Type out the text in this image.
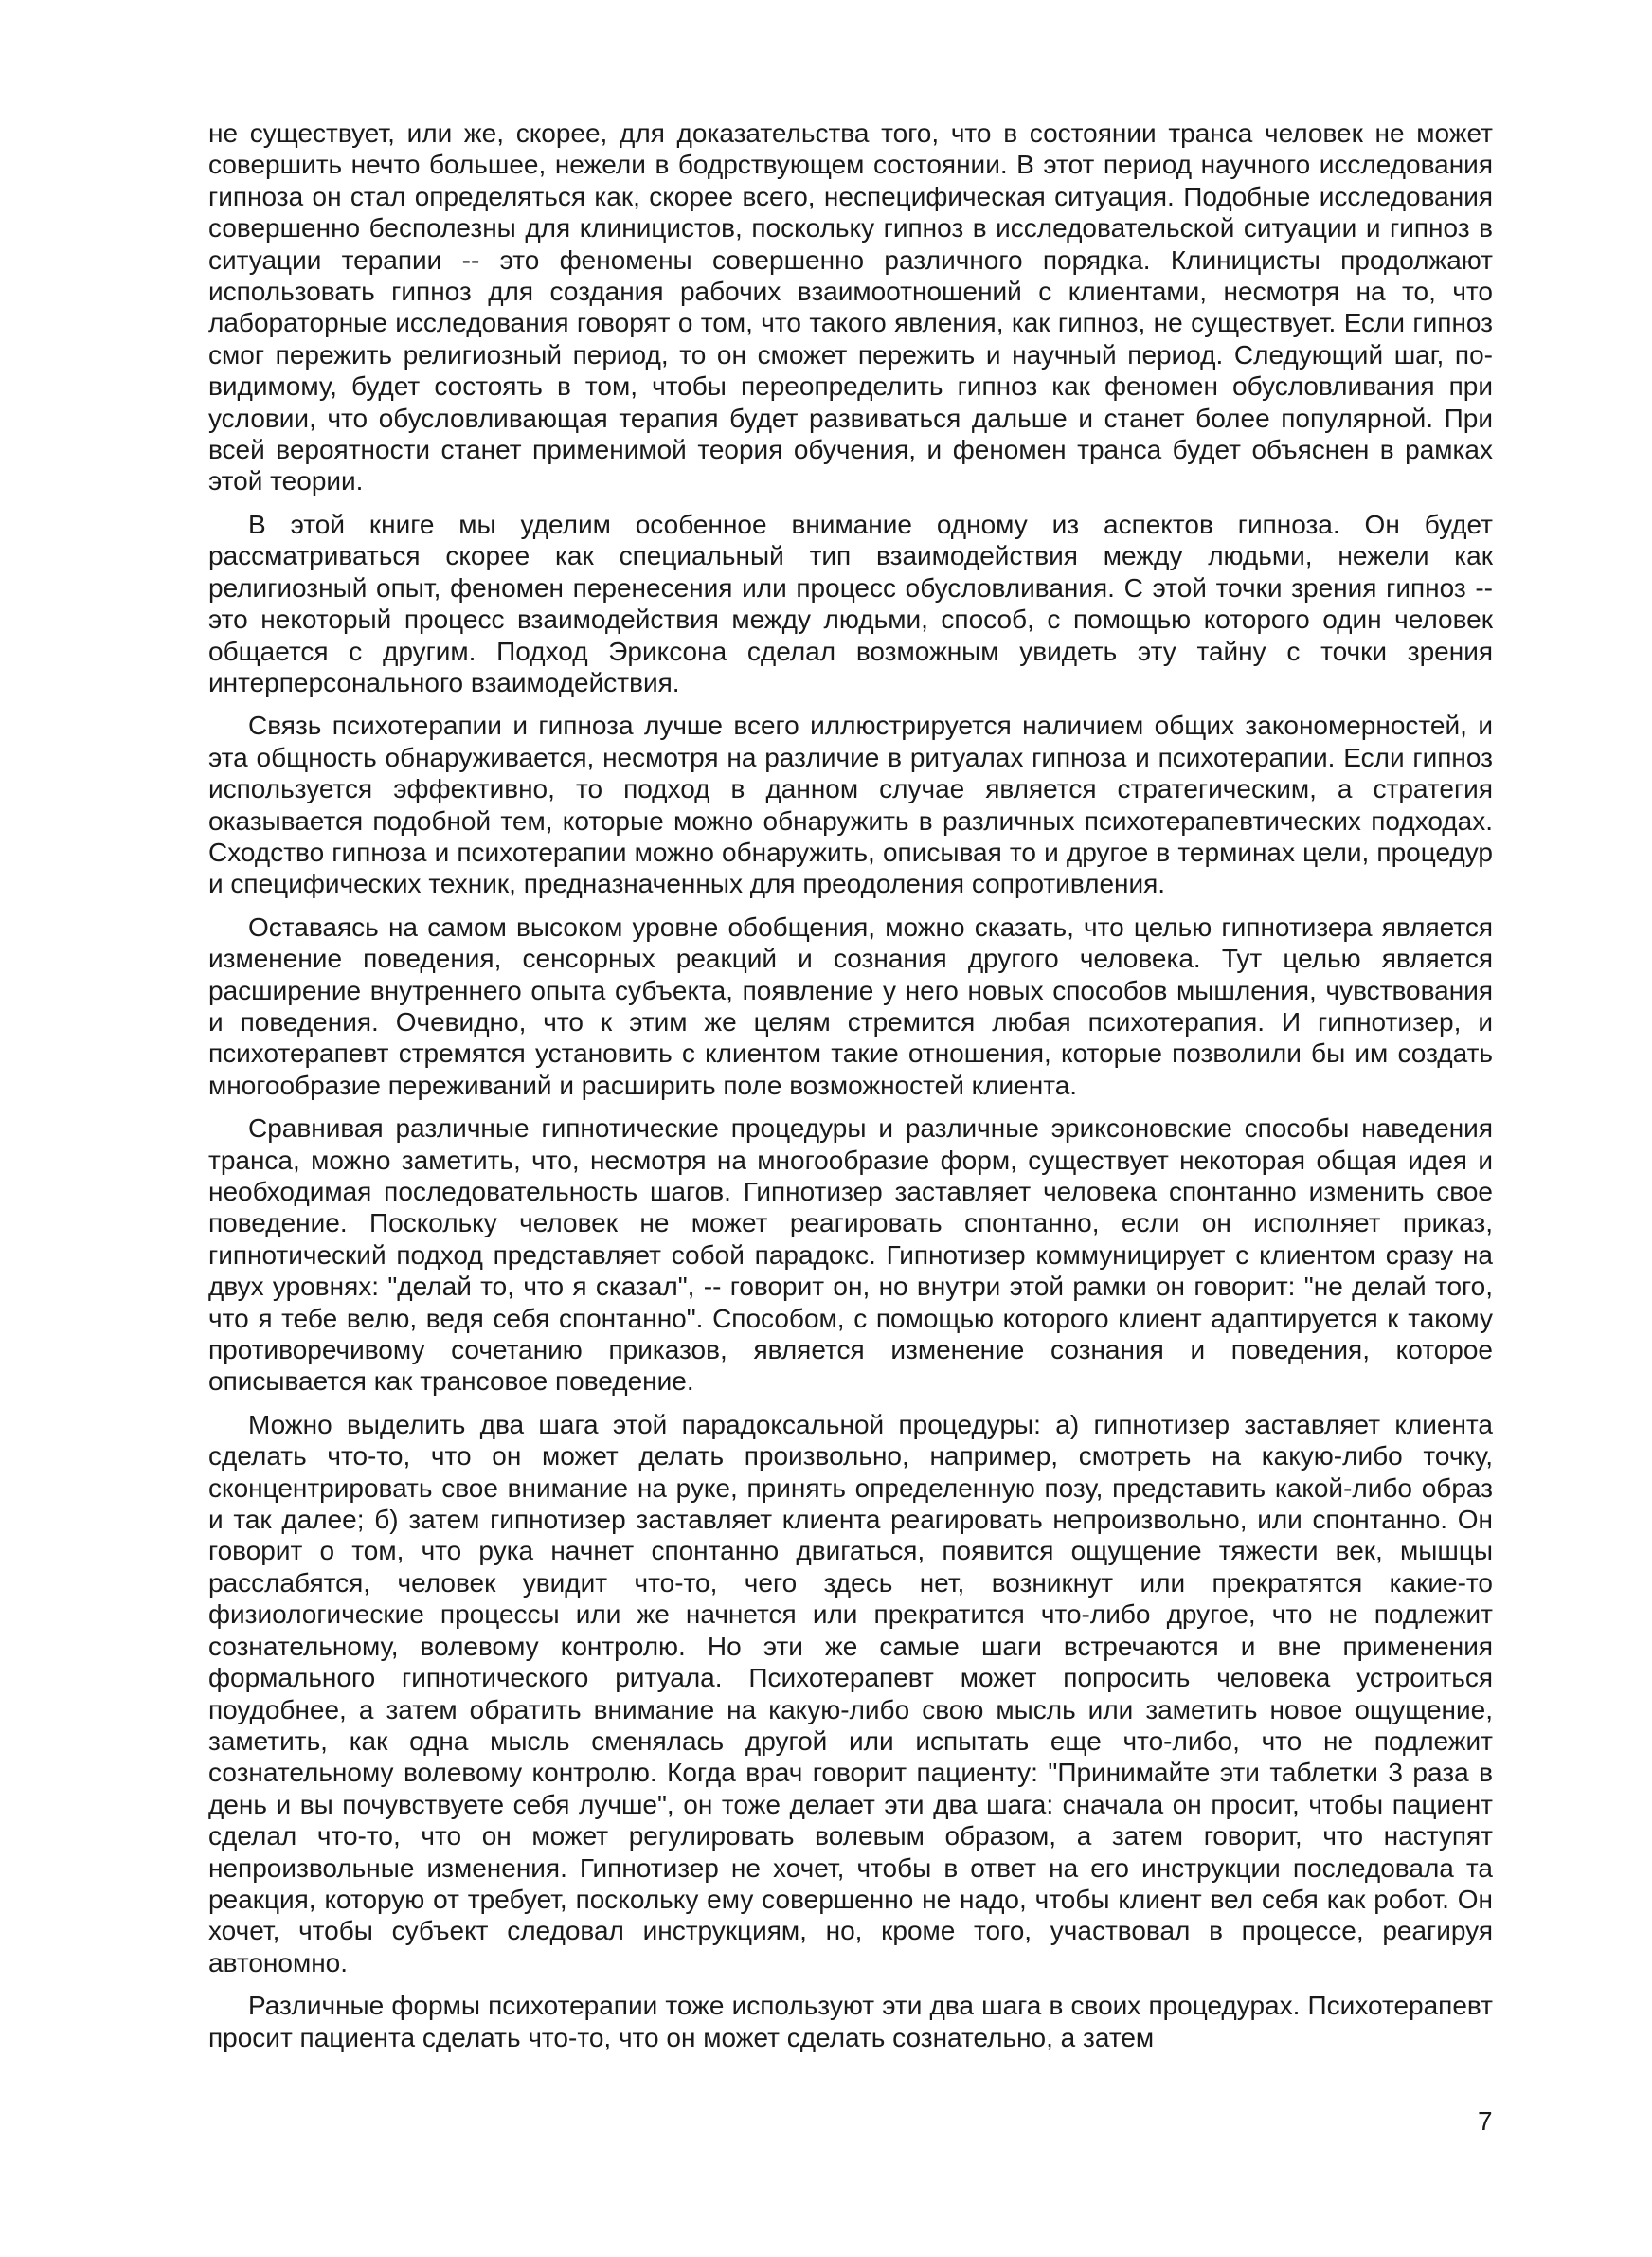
не существует, или же, скорее, для доказательства того, что в состоянии транса человек не может совершить нечто большее, нежели в бодрствующем состоянии. В этот период научного исследования гипноза он стал определяться как, скорее всего, неспецифическая ситуация. Подобные исследования совершенно бесполезны для клиницистов, поскольку гипноз в исследовательской ситуации и гипноз в ситуации терапии -- это феномены совершенно различного порядка. Клиницисты продолжают использовать гипноз для создания рабочих взаимоотношений с клиентами, несмотря на то, что лабораторные исследования говорят о том, что такого явления, как гипноз, не существует. Если гипноз смог пережить религиозный период, то он сможет пережить и научный период. Следующий шаг, по-видимому, будет состоять в том, чтобы переопределить гипноз как феномен обусловливания при условии, что обусловливающая терапия будет развиваться дальше и станет более популярной. При всей вероятности станет применимой теория обучения, и феномен транса будет объяснен в рамках этой теории.

В этой книге мы уделим особенное внимание одному из аспектов гипноза. Он будет рассматриваться скорее как специальный тип взаимодействия между людьми, нежели как религиозный опыт, феномен перенесения или процесс обусловливания. С этой точки зрения гипноз -- это некоторый процесс взаимодействия между людьми, способ, с помощью которого один человек общается с другим. Подход Эриксона сделал возможным увидеть эту тайну с точки зрения интерперсонального взаимодействия.

Связь психотерапии и гипноза лучше всего иллюстрируется наличием общих закономерностей, и эта общность обнаруживается, несмотря на различие в ритуалах гипноза и психотерапии. Если гипноз используется эффективно, то подход в данном случае является стратегическим, а стратегия оказывается подобной тем, которые можно обнаружить в различных психотерапевтических подходах. Сходство гипноза и психотерапии можно обнаружить, описывая то и другое в терминах цели, процедур и специфических техник, предназначенных для преодоления сопротивления.

Оставаясь на самом высоком уровне обобщения, можно сказать, что целью гипнотизера является изменение поведения, сенсорных реакций и сознания другого человека. Тут целью является расширение внутреннего опыта субъекта, появление у него новых способов мышления, чувствования и поведения. Очевидно, что к этим же целям стремится любая психотерапия. И гипнотизер, и психотерапевт стремятся установить с клиентом такие отношения, которые позволили бы им создать многообразие переживаний и расширить поле возможностей клиента.

Сравнивая различные гипнотические процедуры и различные эриксоновские способы наведения транса, можно заметить, что, несмотря на многообразие форм, существует некоторая общая идея и необходимая последовательность шагов. Гипнотизер заставляет человека спонтанно изменить свое поведение. Поскольку человек не может реагировать спонтанно, если он исполняет приказ, гипнотический подход представляет собой парадокс. Гипнотизер коммуницирует с клиентом сразу на двух уровнях: "делай то, что я сказал", -- говорит он, но внутри этой рамки он говорит: "не делай того, что я тебе велю, ведя себя спонтанно". Способом, с помощью которого клиент адаптируется к такому противоречивому сочетанию приказов, является изменение сознания и поведения, которое описывается как трансовое поведение.

Можно выделить два шага этой парадоксальной процедуры: а) гипнотизер заставляет клиента сделать что-то, что он может делать произвольно, например, смотреть на какую-либо точку, сконцентрировать свое внимание на руке, принять определенную позу, представить какой-либо образ и так далее; б) затем гипнотизер заставляет клиента реагировать непроизвольно, или спонтанно. Он говорит о том, что рука начнет спонтанно двигаться, появится ощущение тяжести век, мышцы расслабятся, человек увидит что-то, чего здесь нет, возникнут или прекратятся какие-то физиологические процессы или же начнется или прекратится что-либо другое, что не подлежит сознательному, волевому контролю. Но эти же самые шаги встречаются и вне применения формального гипнотического ритуала. Психотерапевт может попросить человека устроиться поудобнее, а затем обратить внимание на какую-либо свою мысль или заметить новое ощущение, заметить, как одна мысль сменялась другой или испытать еще что-либо, что не подлежит сознательному волевому контролю. Когда врач говорит пациенту: "Принимайте эти таблетки 3 раза в день и вы почувствуете себя лучше", он тоже делает эти два шага: сначала он просит, чтобы пациент сделал что-то, что он может регулировать волевым образом, а затем говорит, что наступят непроизвольные изменения. Гипнотизер не хочет, чтобы в ответ на его инструкции последовала та реакция, которую от требует, поскольку ему совершенно не надо, чтобы клиент вел себя как робот. Он хочет, чтобы субъект следовал инструкциям, но, кроме того, участвовал в процессе, реагируя автономно.

Различные формы психотерапии тоже используют эти два шага в своих процедурах. Психотерапевт просит пациента сделать что-то, что он может сделать сознательно, а затем

7
